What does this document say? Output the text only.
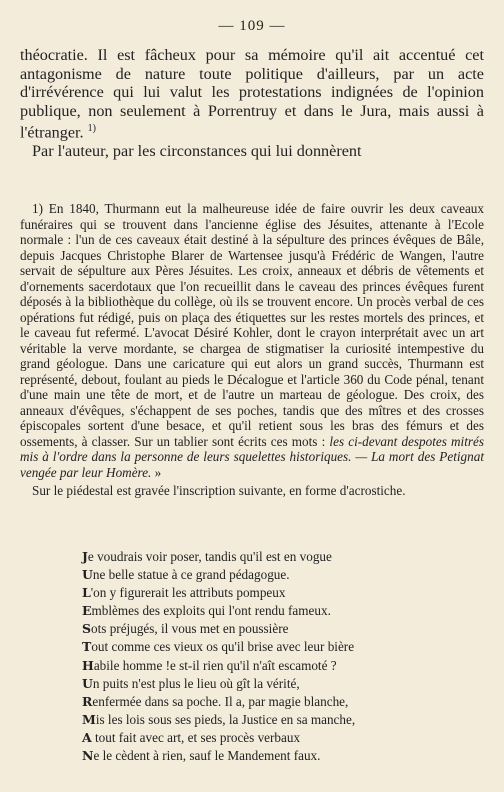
— 109 —

théocratie. Il est fâcheux pour sa mémoire qu'il ait accentué cet antagonisme de nature toute politique d'ailleurs, par un acte d'irrévérence qui lui valut les protestations indignées de l'opinion publique, non seulement à Porrentruy et dans le Jura, mais aussi à l'étranger. $^{1)}$

Par l'auteur, par les circonstances qui lui donnèrent

1) En 1840, Thurmann eut la malheureuse idée de faire ouvrir les deux caveaux funéraires qui se trouvent dans l'ancienne église des Jésuites, attenante à l'Ecole normale : l'un de ces caveaux était destiné à la sépulture des princes évêques de Bâle, depuis Jacques Christophe Blarer de Wartensee jusqu'à Frédéric de Wangen, l'autre servait de sépulture aux Pères Jésuites. Les croix, anneaux et débris de vêtements et d'ornements sacerdotaux que l'on recueillit dans le caveau des princes évêques furent déposés à la bibliothèque du collège, où ils se trouvent encore. Un procès verbal de ces opérations fut rédigé, puis on plaça des étiquettes sur les restes mortels des princes, et le caveau fut refermé. L'avocat Désiré Kohler, dont le crayon interprétait avec un art véritable la verve mordante, se chargea de stigmatiser la curiosité intempestive du grand géologue. Dans une caricature qui eut alors un grand succès, Thurmann est représenté, debout, foulant au pieds le Décalogue et l'article 360 du Code pénal, tenant d'une main une tête de mort, et de l'autre un marteau de géologue. Des croix, des anneaux d'évêques, s'échappent de ses poches, tandis que des mîtres et des crosses épiscopales sortent d'une besace, et qu'il retient sous les bras des fémurs et des ossements, à classer. Sur un tablier sont écrits ces mots : les ci-devant despotes mitrés mis à l'ordre dans la personne de leurs squelettes historiques. — La mort des Petignat vengée par leur Homère. »

Sur le piédestal est gravée l'inscription suivante, en forme d'acrostiche.

Je voudrais voir poser, tandis qu'il est en vogue
Une belle statue à ce grand pédagogue.
L'on y figurerait les attributs pompeux
Emblèmes des exploits qui l'ont rendu fameux.
Sots préjugés, il vous met en poussière
Tout comme ces vieux os qu'il brise avec leur bière
Habile homme !e st-il rien qu'il n'aît escamoté ?
Un puits n'est plus le lieu où gît la vérité,
Renfermée dans sa poche. Il a, par magie blanche,
Mis les lois sous ses pieds, la Justice en sa manche,
A tout fait avec art, et ses procès verbaux
Ne le cèdent à rien, sauf le Mandement faux.
